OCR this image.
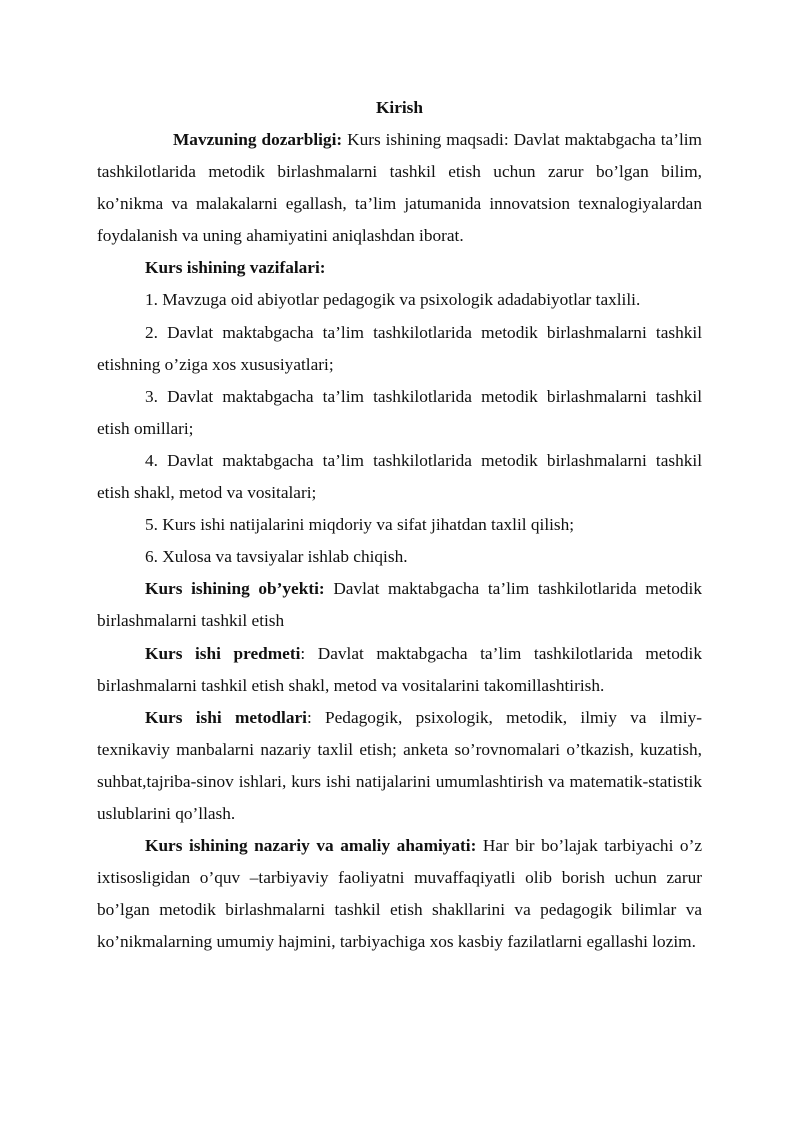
Kirish

Mavzuning dozarbligi: Kurs ishining maqsadi: Davlat maktabgacha ta’lim tashkilotlarida metodik birlashmalarni tashkil etish uchun zarur bo’lgan bilim, ko’nikma va malakalarni egallash, ta’lim jatumanida innovatsion texnalogiyalardan foydalanish va uning ahamiyatini aniqlashdan iborat.

Kurs ishining vazifalari:

1. Mavzuga oid abiyotlar pedagogik va psixologik adadabiyotlar taxlili.

2. Davlat maktabgacha ta’lim tashkilotlarida metodik birlashmalarni tashkil etishning o’ziga xos xususiyatlari;

3. Davlat maktabgacha ta’lim tashkilotlarida metodik birlashmalarni tashkil etish omillari;

4. Davlat maktabgacha ta’lim tashkilotlarida metodik birlashmalarni tashkil etish shakl, metod va vositalari;

5. Kurs ishi natijalarini miqdoriy va sifat jihatdan taxlil qilish;

6. Xulosa va tavsiyalar ishlab chiqish.

Kurs ishining ob’yekti: Davlat maktabgacha ta’lim tashkilotlarida metodik birlashmalarni tashkil etish

Kurs ishi predmeti: Davlat maktabgacha ta’lim tashkilotlarida metodik birlashmalarni tashkil etish shakl, metod va vositalarini takomillashtirish.

Kurs ishi metodlari: Pedagogik, psixologik, metodik, ilmiy va ilmiy-texnikaviy manbalarni nazariy taxlil etish; anketa so’rovnomalari o’tkazish, kuzatish, suhbat,tajriba-sinov ishlari, kurs ishi natijalarini umumlashtirish va matematik-statistik uslublarini qo’llash.

Kurs ishining nazariy va amaliy ahamiyati: Har bir bo’lajak tarbiyachi o’z ixtisosligidan o’quv –tarbiyaviy faoliyatni muvaffaqiyatli olib borish uchun zarur bo’lgan metodik birlashmalarni tashkil etish shakllarini va pedagogik bilimlar va ko’nikmalarning umumiy hajmini, tarbiyachiga xos kasbiy fazilatlarni egallashi lozim.
